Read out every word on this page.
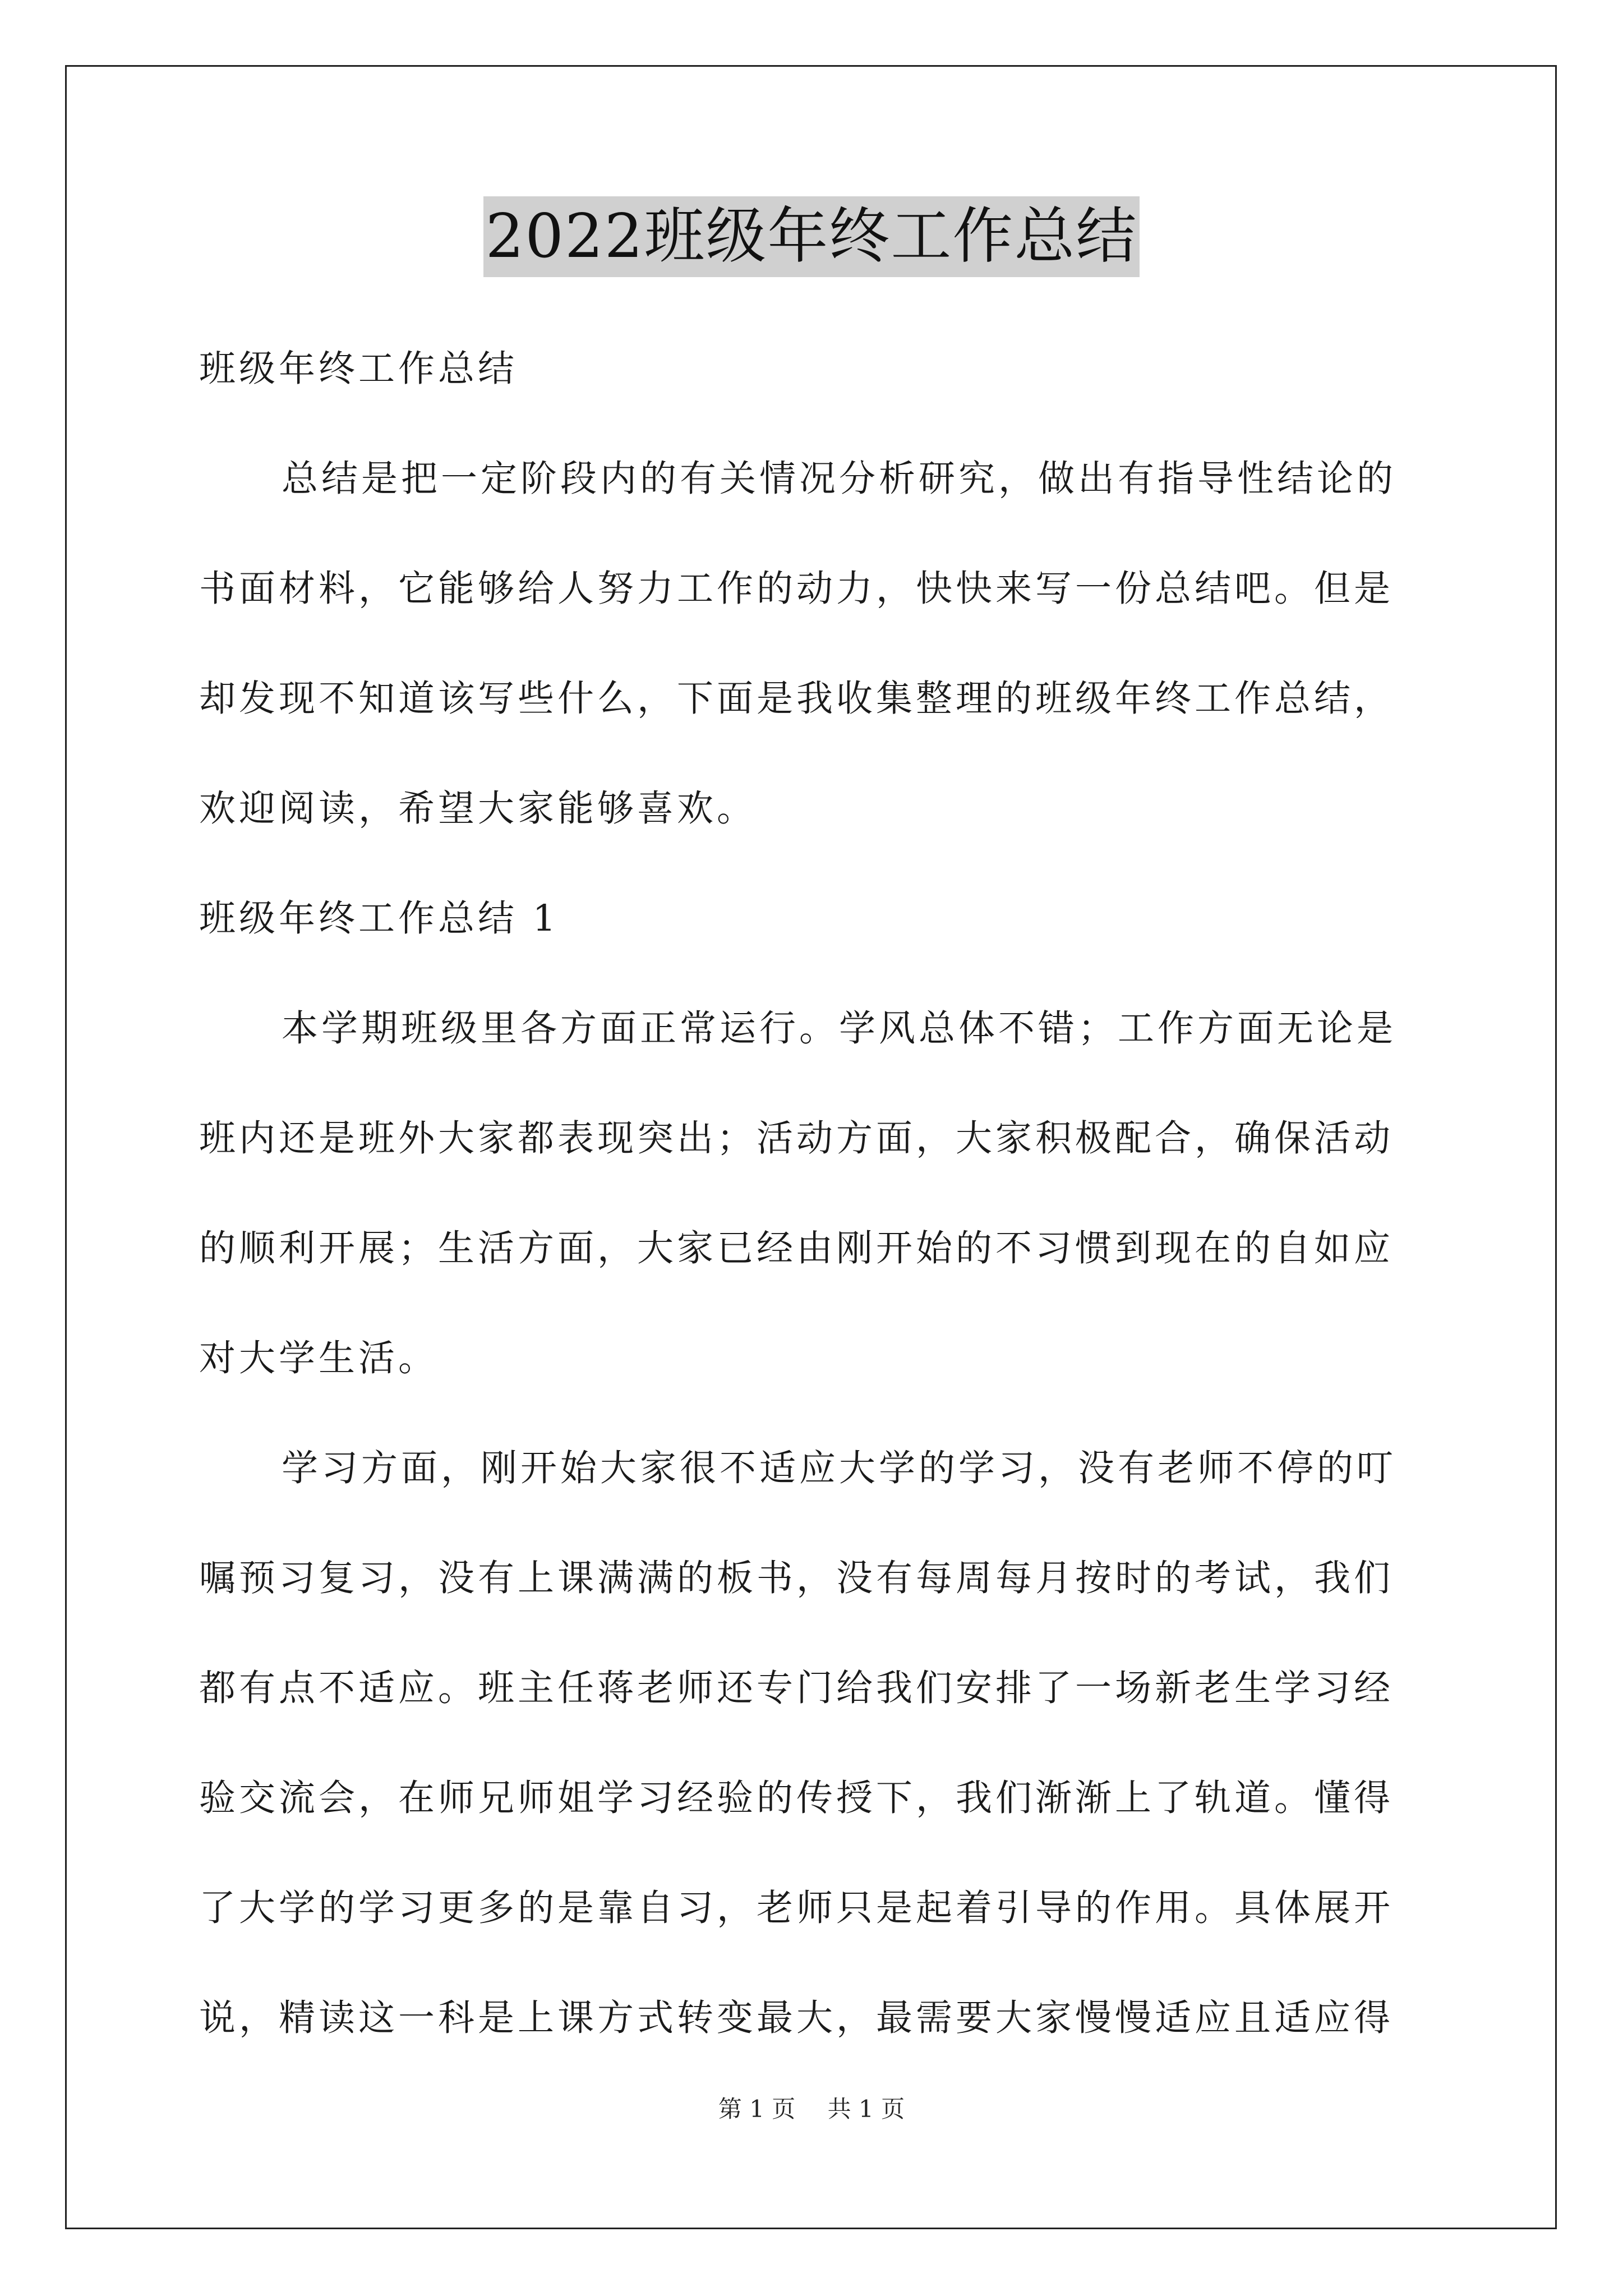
2022班级年终工作总结
班级年终工作总结
总结是把一定阶段内的有关情况分析研究，做出有指导性结论的
书面材料，它能够给人努力工作的动力，快快来写一份总结吧。但是
却发现不知道该写些什么，下面是我收集整理的班级年终工作总结，
欢迎阅读，希望大家能够喜欢。
班级年终工作总结 1
本学期班级里各方面正常运行。学风总体不错；工作方面无论是
班内还是班外大家都表现突出；活动方面，大家积极配合，确保活动
的顺利开展；生活方面，大家已经由刚开始的不习惯到现在的自如应
对大学生活。
学习方面，刚开始大家很不适应大学的学习，没有老师不停的叮
嘱预习复习，没有上课满满的板书，没有每周每月按时的考试，我们
都有点不适应。班主任蒋老师还专门给我们安排了一场新老生学习经
验交流会，在师兄师姐学习经验的传授下，我们渐渐上了轨道。懂得
了大学的学习更多的是靠自习，老师只是起着引导的作用。具体展开
说，精读这一科是上课方式转变最大，最需要大家慢慢适应且适应得
第 1 页 共 1 页
